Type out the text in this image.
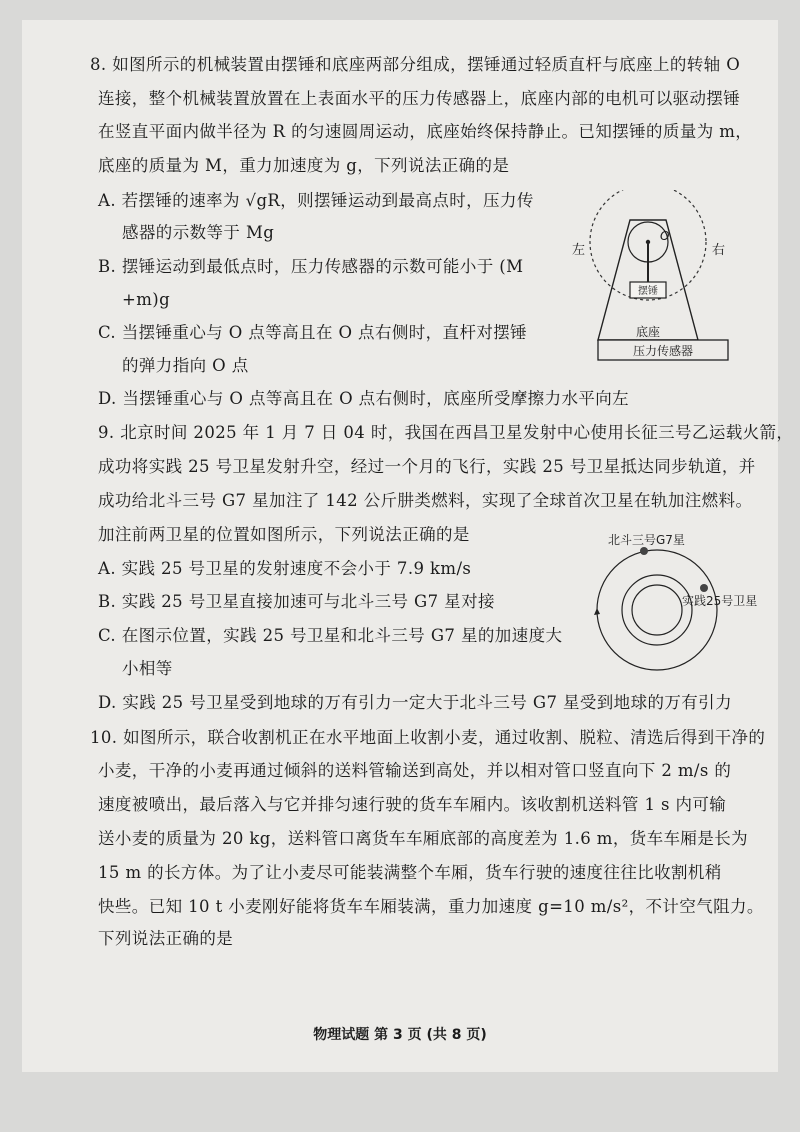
8. 如图所示的机械装置由摆锤和底座两部分组成，摆锤通过轻质直杆与底座上的转轴 O
连接，整个机械装置放置在上表面水平的压力传感器上，底座内部的电机可以驱动摆锤
在竖直平面内做半径为 R 的匀速圆周运动，底座始终保持静止。已知摆锤的质量为 m，
底座的质量为 M，重力加速度为 g，下列说法正确的是
A. 若摆锤的速率为 √gR，则摆锤运动到最高点时，压力传
感器的示数等于 Mg
B. 摆锤运动到最低点时，压力传感器的示数可能小于 (M
+m)g
C. 当摆锤重心与 O 点等高且在 O 点右侧时，直杆对摆锤
的弹力指向 O 点
D. 当摆锤重心与 O 点等高且在 O 点右侧时，底座所受摩擦力水平向左
摆锤
O
左	右
底座
压力传感器
9. 北京时间 2025 年 1 月 7 日 04 时，我国在西昌卫星发射中心使用长征三号乙运载火箭，
成功将实践 25 号卫星发射升空，经过一个月的飞行，实践 25 号卫星抵达同步轨道，并
成功给北斗三号 G7 星加注了 142 公斤肼类燃料，实现了全球首次卫星在轨加注燃料。
加注前两卫星的位置如图所示，下列说法正确的是
A. 实践 25 号卫星的发射速度不会小于 7.9 km/s
B. 实践 25 号卫星直接加速可与北斗三号 G7 星对接
C. 在图示位置，实践 25 号卫星和北斗三号 G7 星的加速度大
小相等
D. 实践 25 号卫星受到地球的万有引力一定大于北斗三号 G7 星受到地球的万有引力
北斗三号G7星
实践25号卫星
10. 如图所示，联合收割机正在水平地面上收割小麦，通过收割、脱粒、清选后得到干净的
小麦，干净的小麦再通过倾斜的送料管输送到高处，并以相对管口竖直向下 2 m/s 的
速度被喷出，最后落入与它并排匀速行驶的货车车厢内。该收割机送料管 1 s 内可输
送小麦的质量为 20 kg，送料管口离货车车厢底部的高度差为 1.6 m，货车车厢是长为
15 m 的长方体。为了让小麦尽可能装满整个车厢，货车行驶的速度往往比收割机稍
快些。已知 10 t 小麦刚好能将货车车厢装满，重力加速度 g=10 m/s²，不计空气阻力。
下列说法正确的是
物理试题 第 3 页 (共 8 页)
